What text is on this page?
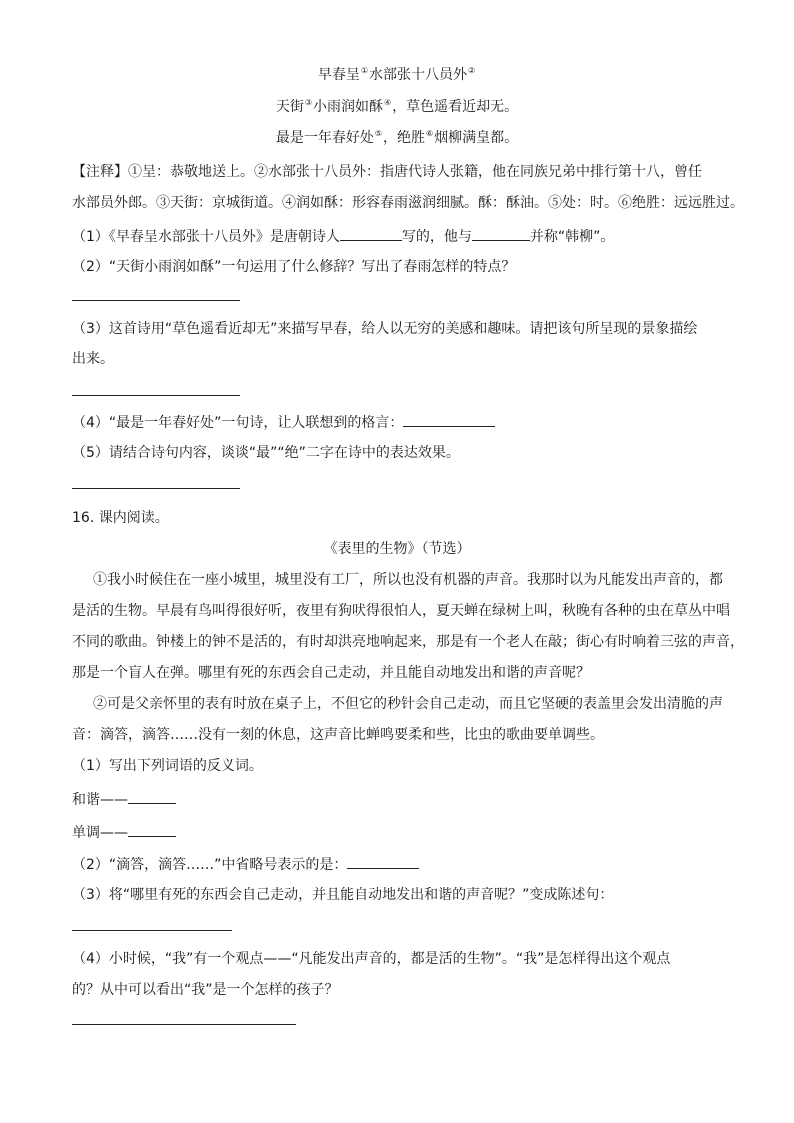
早春呈①水部张十八员外②
天街③小雨润如酥④，草色遥看近却无。
最是一年春好处⑤，绝胜⑥烟柳满皇都。
【注释】①呈：恭敬地送上。②水部张十八员外：指唐代诗人张籍，他在同族兄弟中排行第十八，曾任
水部员外郎。③天街：京城街道。④润如酥：形容春雨滋润细腻。酥：酥油。⑤处：时。⑥绝胜：远远胜过。
（1）《早春呈水部张十八员外》是唐朝诗人	写的，他与	并称“韩柳”。
（2）“天街小雨润如酥”一句运用了什么修辞？写出了春雨怎样的特点？
（3）这首诗用“草色遥看近却无”来描写早春，给人以无穷的美感和趣味。请把该句所呈现的景象描绘
出来。
（4）“最是一年春好处”一句诗，让人联想到的格言：
（5）请结合诗句内容，谈谈“最”“绝”二字在诗中的表达效果。
16. 课内阅读。
《表里的生物》（节选）
①我小时候住在一座小城里，城里没有工厂，所以也没有机器的声音。我那时以为凡能发出声音的，都
是活的生物。早晨有鸟叫得很好听，夜里有狗吠得很怕人，夏天蝉在绿树上叫，秋晚有各种的虫在草丛中唱
不同的歌曲。钟楼上的钟不是活的，有时却洪亮地响起来，那是有一个老人在敲；街心有时响着三弦的声音，
那是一个盲人在弹。哪里有死的东西会自己走动，并且能自动地发出和谐的声音呢？
②可是父亲怀里的表有时放在桌子上，不但它的秒针会自己走动，而且它坚硬的表盖里会发出清脆的声
音：滴答，滴答……没有一刻的休息，这声音比蝉鸣要柔和些，比虫的歌曲要单调些。
（1）写出下列词语的反义词。
和谐——
单调——
（2）“滴答，滴答……”中省略号表示的是：
（3）将“哪里有死的东西会自己走动，并且能自动地发出和谐的声音呢？”变成陈述句：
（4）小时候，“我”有一个观点——“凡能发出声音的，都是活的生物”。“我”是怎样得出这个观点
的？从中可以看出“我”是一个怎样的孩子？
